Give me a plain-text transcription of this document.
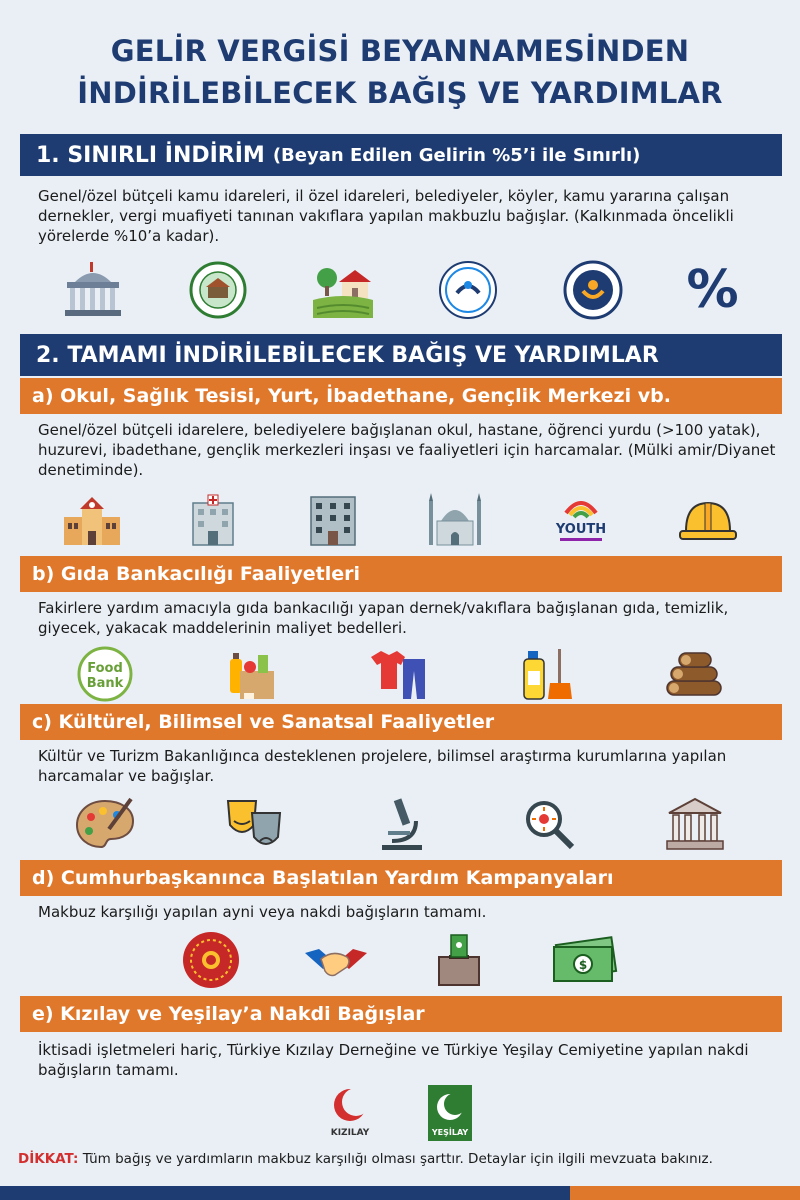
GELİR VERGİSİ BEYANNAMESİNDEN
İNDİRİLEBİLECEK BAĞIŞ VE YARDIMLAR
1. SINIRLI İNDİRİM (Beyan Edilen Gelirin %5’i ile Sınırlı)
Genel/özel bütçeli kamu idareleri, il özel idareleri, belediyeler, köyler, kamu yararına çalışan dernekler, vergi muafiyeti tanınan vakıflara yapılan makbuzlu bağışlar. (Kalkınmada öncelikli yörelerde %10’a kadar).
%
2. TAMAMI İNDİRİLEBİLECEK BAĞIŞ VE YARDIMLAR
a) Okul, Sağlık Tesisi, Yurt, İbadethane, Gençlik Merkezi vb.
Genel/özel bütçeli idarelere, belediyelere bağışlanan okul, hastane, öğrenci yurdu (>100 yatak), huzurevi, ibadethane, gençlik merkezleri inşası ve faaliyetleri için harcamalar. (Mülki amir/Diyanet denetiminde).
YOUTH
b) Gıda Bankacılığı Faaliyetleri
Fakirlere yardım amacıyla gıda bankacılığı yapan dernek/vakıflara bağışlanan gıda, temizlik, giyecek, yakacak maddelerinin maliyet bedelleri.
Food
Bank
c) Kültürel, Bilimsel ve Sanatsal Faaliyetler
Kültür ve Turizm Bakanlığınca desteklenen projelere, bilimsel araştırma kurumlarına yapılan harcamalar ve bağışlar.
d) Cumhurbaşkanınca Başlatılan Yardım Kampanyaları
Makbuz karşılığı yapılan ayni veya nakdi bağışların tamamı.
$
e) Kızılay ve Yeşilay’a Nakdi Bağışlar
İktisadi işletmeleri hariç, Türkiye Kızılay Derneğine ve Türkiye Yeşilay Cemiyetine yapılan nakdi bağışların tamamı.
KIZILAY	YEŞİLAY
DİKKAT: Tüm bağış ve yardımların makbuz karşılığı olması şarttır. Detaylar için ilgili mevzuata bakınız.
